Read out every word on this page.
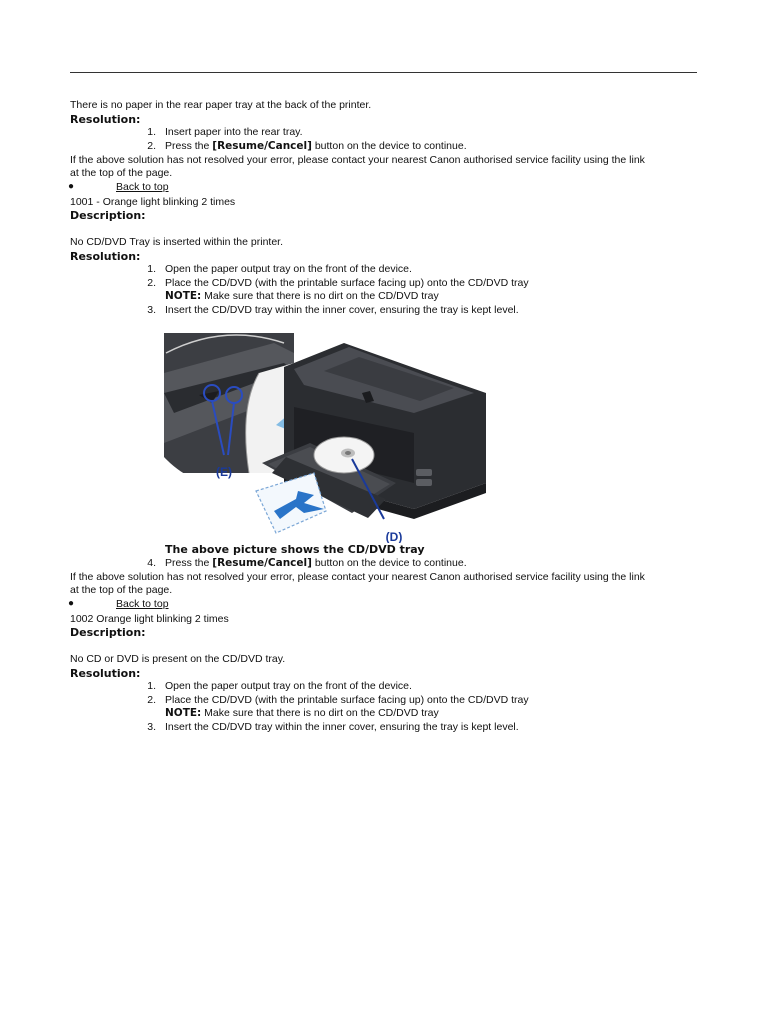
There is no paper in the rear paper tray at the back of the printer.
Resolution:
1. Insert paper into the rear tray.
2. Press the [Resume/Cancel] button on the device to continue.
If the above solution has not resolved your error, please contact your nearest Canon authorised service facility using the link
at the top of the page.
●	Back to top
1001 - Orange light blinking 2 times
Description:
No CD/DVD Tray is inserted within the printer.
Resolution:
1. Open the paper output tray on the front of the device.
2. Place the CD/DVD (with the printable surface facing up) onto the CD/DVD tray
NOTE: Make sure that there is no dirt on the CD/DVD tray
3. Insert the CD/DVD tray within the inner cover, ensuring the tray is kept level.
(E)
(D)
The above picture shows the CD/DVD tray
4. Press the [Resume/Cancel] button on the device to continue.
If the above solution has not resolved your error, please contact your nearest Canon authorised service facility using the link
at the top of the page.
●	Back to top
1002 Orange light blinking 2 times
Description:
No CD or DVD is present on the CD/DVD tray.
Resolution:
1. Open the paper output tray on the front of the device.
2. Place the CD/DVD (with the printable surface facing up) onto the CD/DVD tray
NOTE: Make sure that there is no dirt on the CD/DVD tray
3. Insert the CD/DVD tray within the inner cover, ensuring the tray is kept level.
